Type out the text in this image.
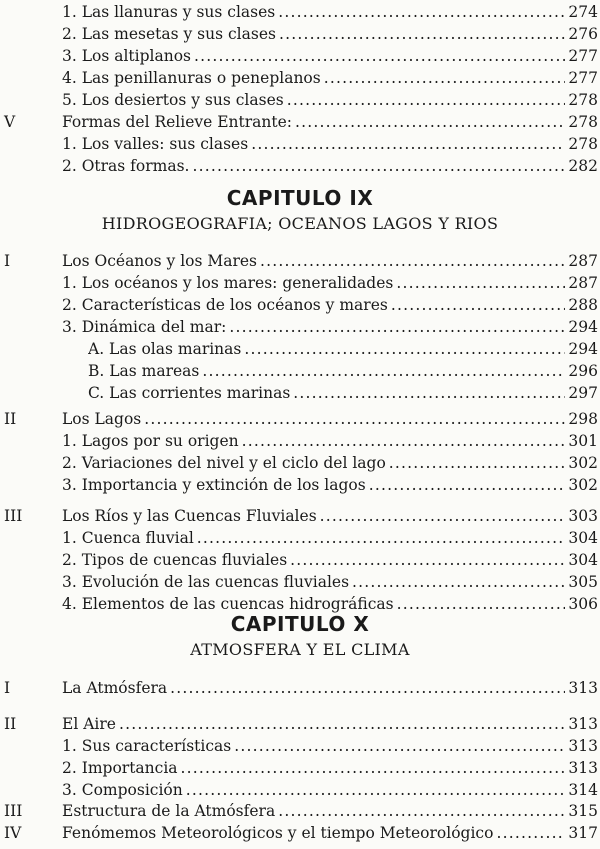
1. Las llanuras y sus clases .....	274
2. Las mesetas y sus clases .....	276
3. Los altiplanos .....	277
4. Las penillanuras o peneplanos .....	277
5. Los desiertos y sus clases .....	278
V	Formas del Relieve Entrante: .....	278
1. Los valles: sus clases .....	278
2. Otras formas. .....	282
CAPITULO IX
HIDROGEOGRAFIA; OCEANOS LAGOS Y RIOS
I	Los Océanos y los Mares .....	287
1. Los océanos y los mares: generalidades .....	287
2. Características de los océanos y mares .....	288
3. Dinámica del mar: .....	294
A. Las olas marinas .....	294
B. Las mareas .....	296
C. Las corrientes marinas .....	297
II	Los Lagos .....	298
1. Lagos por su origen .....	301
2. Variaciones del nivel y el ciclo del lago .....	302
3. Importancia y extinción de los lagos .....	302
III	Los Ríos y las Cuencas Fluviales .....	303
1. Cuenca fluvial .....	304
2. Tipos de cuencas fluviales .....	304
3. Evolución de las cuencas fluviales .....	305
4. Elementos de las cuencas hidrográficas .....	306
CAPITULO X
ATMOSFERA Y EL CLIMA
I	La Atmósfera .....	313
II	El Aire .....	313
1. Sus características .....	313
2. Importancia .....	313
3. Composición .....	314
III	Estructura de la Atmósfera .....	315
IV	Fenómemos Meteorológicos y el tiempo Meteorológico .....	317
